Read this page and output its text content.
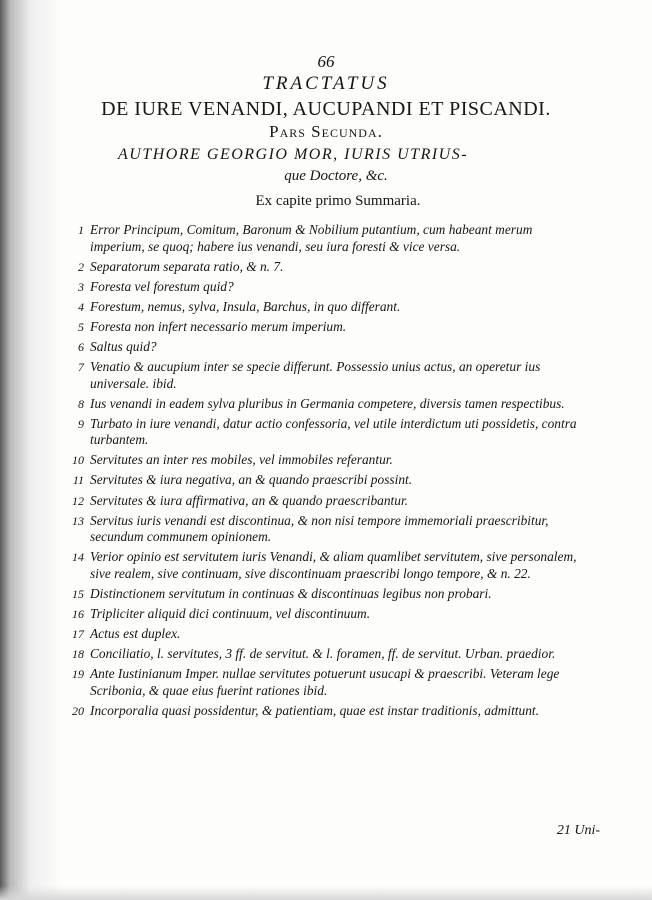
66
TRACTATUS
DE IURE VENANDI, AUCUPANDI ET PISCANDI.
Pars Secunda.
AUTHORE GEORGIO MOR, IURIS UTRIUS-
que Doctore, &c.
Ex capite primo Summaria.
1 Error Principum, Comitum, Baronum & Nobilium putantium, cum habeant merum imperium, se quoq; habere ius venandi, seu iura foresti & vice versa.
2 Separatorum separata ratio, & n. 7.
3 Foresta vel forestum quid?
4 Forestum, nemus, sylva, Insula, Barchus, in quo differant.
5 Foresta non infert necessario merum imperium.
6 Saltus quid?
7 Venatio & aucupium inter se specie differunt. Possessio unius actus, an operetur ius universale. ibid.
8 Ius venandi in eadem sylva pluribus in Germania competere, diversis tamen respectibus.
9 Turbato in iure venandi, datur actio confessoria, vel utile interdictum uti possidetis, contra turbantem.
10 Servitutes an inter res mobiles, vel immobiles referantur.
11 Servitutes & iura negativa, an & quando praescribi possint.
12 Servitutes & iura affirmativa, an & quando praescribantur.
13 Servitus iuris venandi est discontinua, & non nisi tempore immemoriali praescribitur, secundum communem opinionem.
14 Verior opinio est servitutem iuris Venandi, & aliam quamlibet servitutem, sive personalem, sive realem, sive continuam, sive discontinuam praescribi longo tempore, & n. 22.
15 Distinctionem servitutum in continuas & discontinuas legibus non probari.
16 Tripliciter aliquid dici continuum, vel discontinuum.
17 Actus est duplex.
18 Conciliatio, l. servitutes, 3 ff. de servitut. & l. foramen, ff. de servitut. Urban. praedior.
19 Ante Iustinianum Imper. nullae servitutes potuerunt usucapi & praescribi. Veteram lege Scribonia, & quae eius fuerint rationes ibid.
20 Incorporalia quasi possidentur, & patientiam, quae est instar traditionis, admittunt.
21 Uni-
